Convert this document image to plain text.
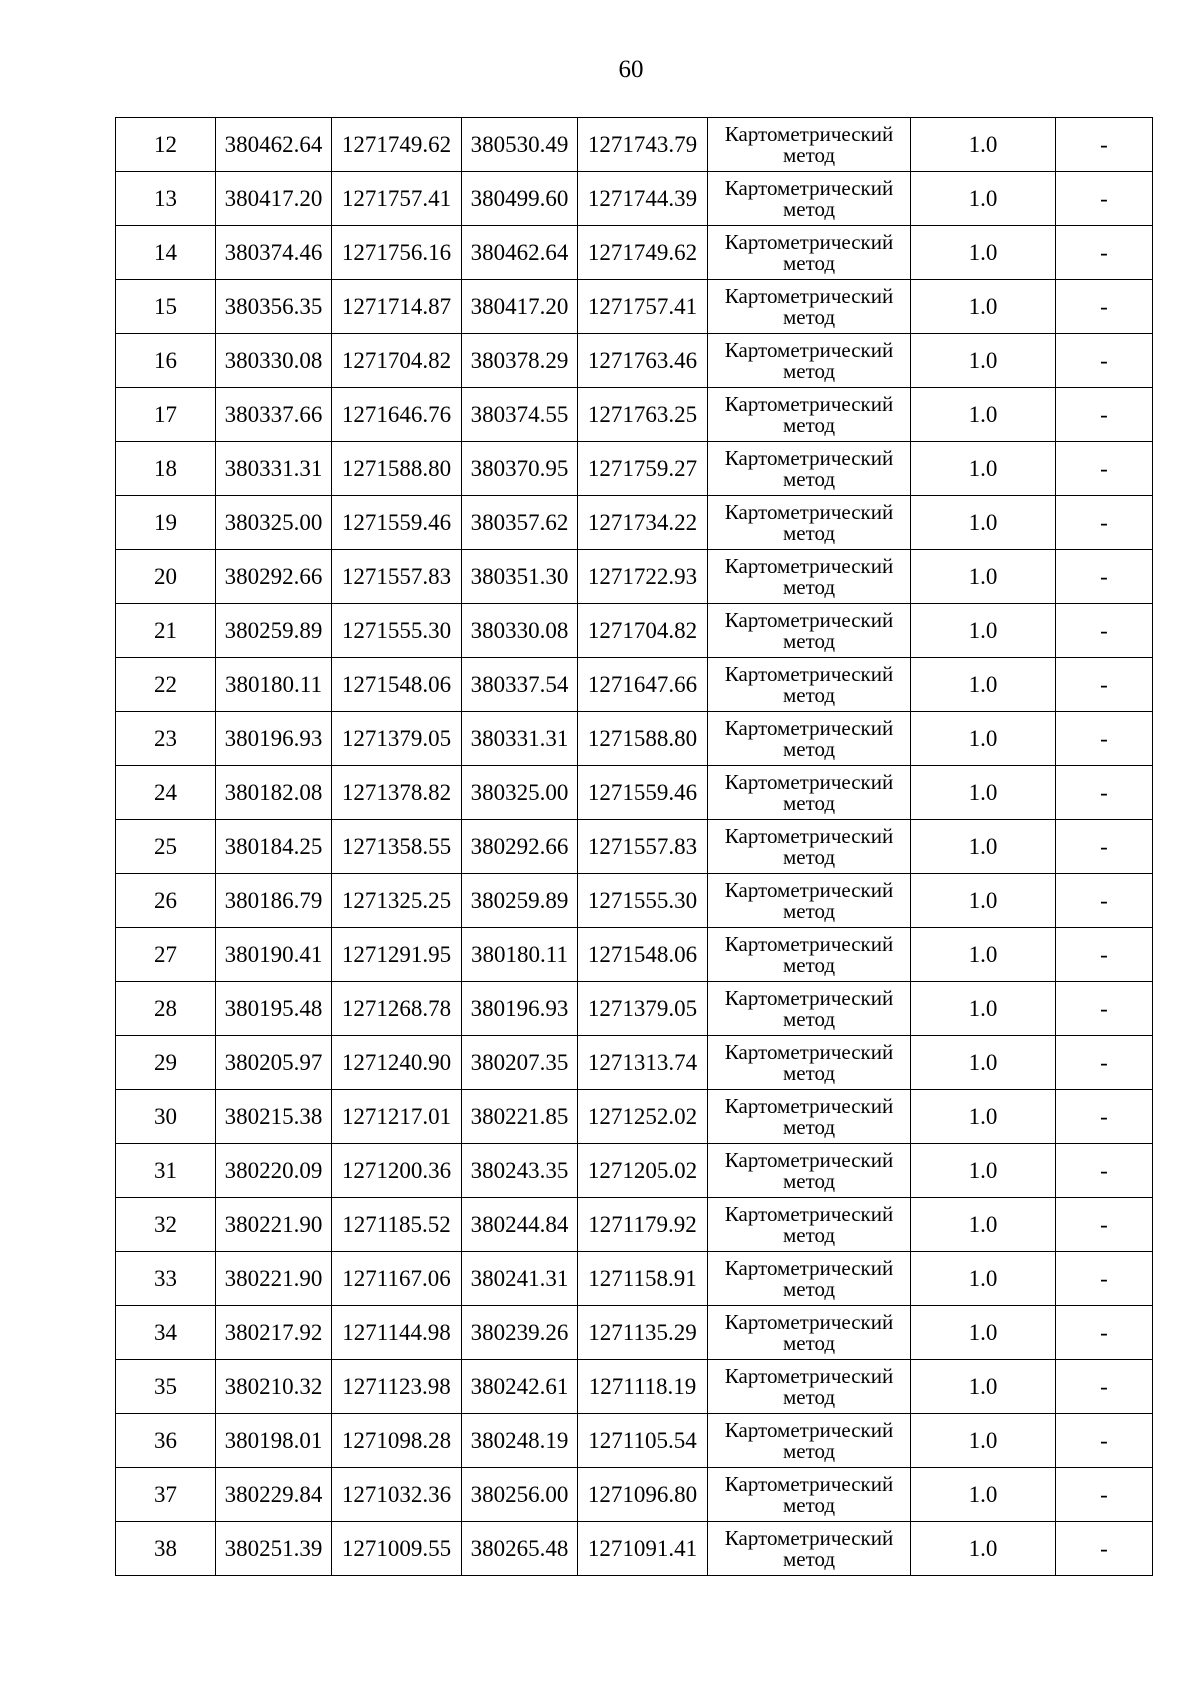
60
12	380462.64	1271749.62	380530.49	1271743.79	Картометрический
метод	1.0	-
13	380417.20	1271757.41	380499.60	1271744.39	Картометрический
метод	1.0	-
14	380374.46	1271756.16	380462.64	1271749.62	Картометрический
метод	1.0	-
15	380356.35	1271714.87	380417.20	1271757.41	Картометрический
метод	1.0	-
16	380330.08	1271704.82	380378.29	1271763.46	Картометрический
метод	1.0	-
17	380337.66	1271646.76	380374.55	1271763.25	Картометрический
метод	1.0	-
18	380331.31	1271588.80	380370.95	1271759.27	Картометрический
метод	1.0	-
19	380325.00	1271559.46	380357.62	1271734.22	Картометрический
метод	1.0	-
20	380292.66	1271557.83	380351.30	1271722.93	Картометрический
метод	1.0	-
21	380259.89	1271555.30	380330.08	1271704.82	Картометрический
метод	1.0	-
22	380180.11	1271548.06	380337.54	1271647.66	Картометрический
метод	1.0	-
23	380196.93	1271379.05	380331.31	1271588.80	Картометрический
метод	1.0	-
24	380182.08	1271378.82	380325.00	1271559.46	Картометрический
метод	1.0	-
25	380184.25	1271358.55	380292.66	1271557.83	Картометрический
метод	1.0	-
26	380186.79	1271325.25	380259.89	1271555.30	Картометрический
метод	1.0	-
27	380190.41	1271291.95	380180.11	1271548.06	Картометрический
метод	1.0	-
28	380195.48	1271268.78	380196.93	1271379.05	Картометрический
метод	1.0	-
29	380205.97	1271240.90	380207.35	1271313.74	Картометрический
метод	1.0	-
30	380215.38	1271217.01	380221.85	1271252.02	Картометрический
метод	1.0	-
31	380220.09	1271200.36	380243.35	1271205.02	Картометрический
метод	1.0	-
32	380221.90	1271185.52	380244.84	1271179.92	Картометрический
метод	1.0	-
33	380221.90	1271167.06	380241.31	1271158.91	Картометрический
метод	1.0	-
34	380217.92	1271144.98	380239.26	1271135.29	Картометрический
метод	1.0	-
35	380210.32	1271123.98	380242.61	1271118.19	Картометрический
метод	1.0	-
36	380198.01	1271098.28	380248.19	1271105.54	Картометрический
метод	1.0	-
37	380229.84	1271032.36	380256.00	1271096.80	Картометрический
метод	1.0	-
38	380251.39	1271009.55	380265.48	1271091.41	Картометрический
метод	1.0	-
